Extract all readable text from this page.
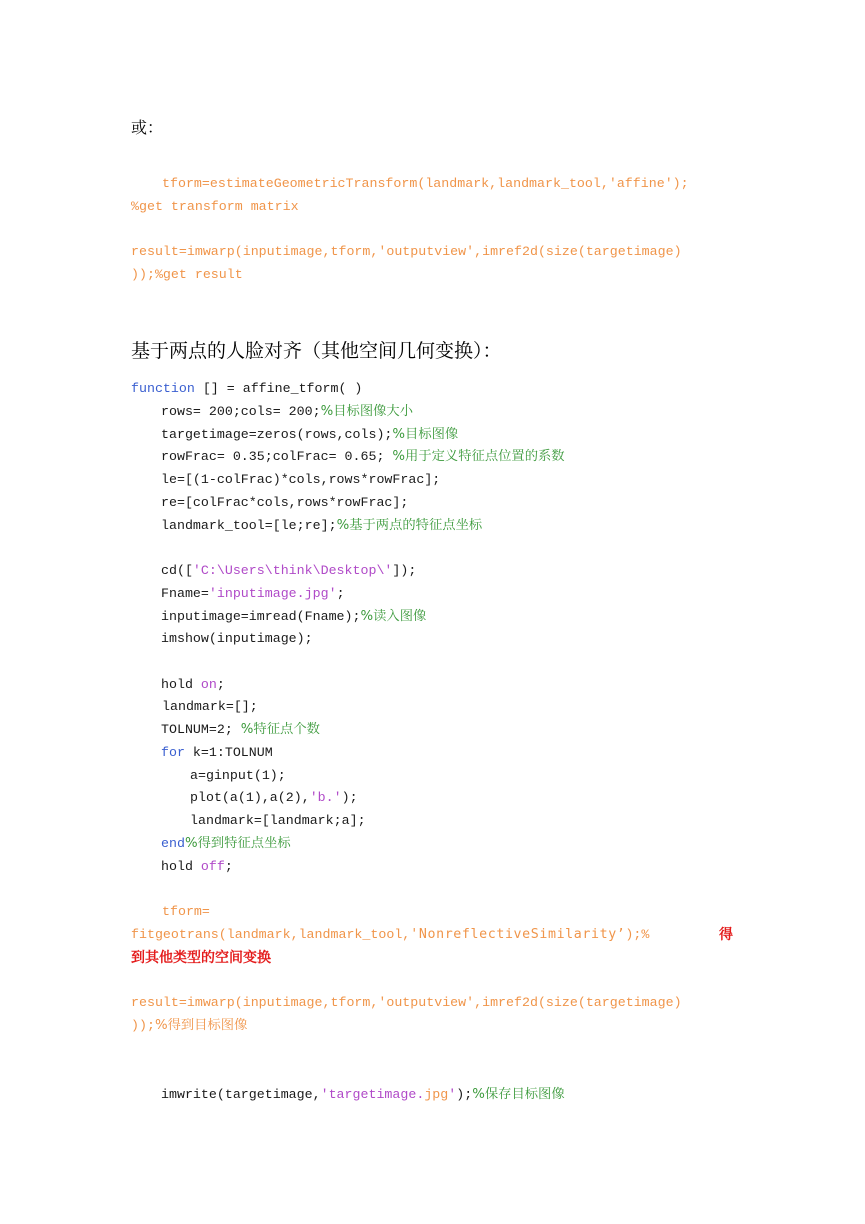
或：
tform=estimateGeometricTransform(landmark,landmark_tool,'affine');
%get transform matrix
result=imwarp(inputimage,tform,'outputview',imref2d(size(targetimage)
));%get result
基于两点的人脸对齐（其他空间几何变换）：
function [] = affine_tform( )
rows= 200;cols= 200;%目标图像大小
targetimage=zeros(rows,cols);%目标图像
rowFrac= 0.35;colFrac= 0.65; %用于定义特征点位置的系数
le=[(1-colFrac)*cols,rows*rowFrac];
re=[colFrac*cols,rows*rowFrac];
landmark_tool=[le;re];%基于两点的特征点坐标
cd(['C:\Users\think\Desktop\']);
Fname='inputimage.jpg';
inputimage=imread(Fname);%读入图像
imshow(inputimage);
hold on;
landmark=[];
TOLNUM=2; %特征点个数
for k=1:TOLNUM
a=ginput(1);
plot(a(1),a(2),'b.');
landmark=[landmark;a];
end%得到特征点坐标
hold off;
tform=
fitgeotrans(landmark,landmark_tool,'NonreflectiveSimilarity’);%	得
到其他类型的空间变换
result=imwarp(inputimage,tform,'outputview',imref2d(size(targetimage)
));%得到目标图像
imwrite(targetimage,'targetimage.jpg');%保存目标图像
